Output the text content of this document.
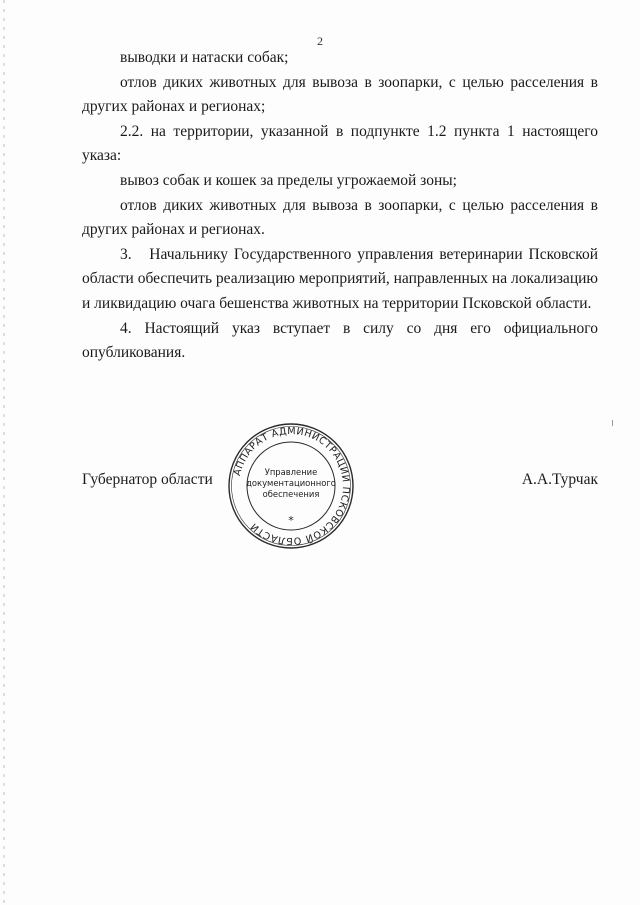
2

выводки и натаски собак;

отлов диких животных для вывоза в зоопарки, с целью расселения в других районах и регионах;

2.2. на территории, указанной в подпункте 1.2 пункта 1 настоящего указа:

вывоз собак и кошек за пределы угрожаемой зоны;

отлов диких животных для вывоза в зоопарки, с целью расселения в других районах и регионах.

3.   Начальнику Государственного управления ветеринарии Псковской области обеспечить реализацию мероприятий, направленных на локализацию и ликвидацию очага бешенства животных на территории Псковской области.

4. Настоящий указ вступает в силу со дня его официального опубликования.

Губернатор области	А.А.Турчак
АППАРАТ АДМИНИСТРАЦИИ ПСКОВСКОЙ ОБЛАСТИ
Управление
документационного
обеспечения
*
